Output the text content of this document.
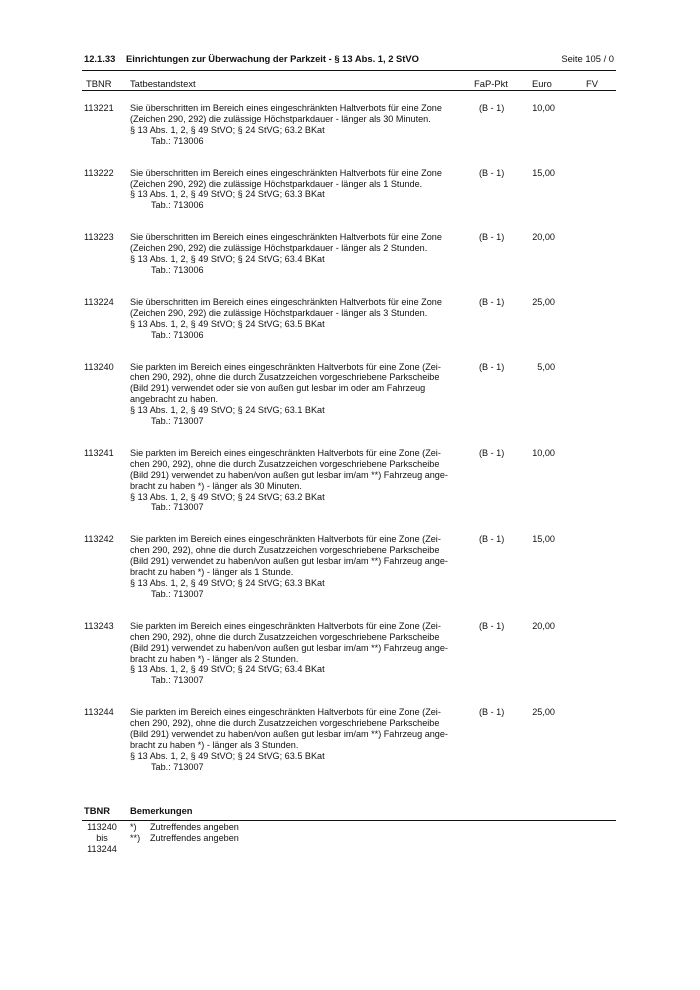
12.1.33 Einrichtungen zur Überwachung der Parkzeit - § 13 Abs. 1, 2 StVO	Seite 105 / 0
TBNR Tatbestandstext	FaP-Pkt	Euro	FV
113221 Sie überschritten im Bereich eines eingeschränkten Haltverbots für eine Zone
(Zeichen 290, 292) die zulässige Höchstparkdauer - länger als 30 Minuten.
§ 13 Abs. 1, 2, § 49 StVO; § 24 StVG; 63.2 BKat
Tab.: 713006
(B - 1)	10,00
113222 Sie überschritten im Bereich eines eingeschränkten Haltverbots für eine Zone
(Zeichen 290, 292) die zulässige Höchstparkdauer - länger als 1 Stunde.
§ 13 Abs. 1, 2, § 49 StVO; § 24 StVG; 63.3 BKat
Tab.: 713006
(B - 1)	15,00
113223 Sie überschritten im Bereich eines eingeschränkten Haltverbots für eine Zone
(Zeichen 290, 292) die zulässige Höchstparkdauer - länger als 2 Stunden.
§ 13 Abs. 1, 2, § 49 StVO; § 24 StVG; 63.4 BKat
Tab.: 713006
(B - 1)	20,00
113224 Sie überschritten im Bereich eines eingeschränkten Haltverbots für eine Zone
(Zeichen 290, 292) die zulässige Höchstparkdauer - länger als 3 Stunden.
§ 13 Abs. 1, 2, § 49 StVO; § 24 StVG; 63.5 BKat
Tab.: 713006
(B - 1)	25,00
113240 Sie parkten im Bereich eines eingeschränkten Haltverbots für eine Zone (Zei-
chen 290, 292), ohne die durch Zusatzzeichen vorgeschriebene Parkscheibe
(Bild 291) verwendet oder sie von außen gut lesbar im oder am Fahrzeug
angebracht zu haben.
§ 13 Abs. 1, 2, § 49 StVO; § 24 StVG; 63.1 BKat
Tab.: 713007
(B - 1)	5,00
113241 Sie parkten im Bereich eines eingeschränkten Haltverbots für eine Zone (Zei-
chen 290, 292), ohne die durch Zusatzzeichen vorgeschriebene Parkscheibe
(Bild 291) verwendet zu haben/von außen gut lesbar im/am **) Fahrzeug ange-
bracht zu haben *) - länger als 30 Minuten.
§ 13 Abs. 1, 2, § 49 StVO; § 24 StVG; 63.2 BKat
Tab.: 713007
(B - 1)	10,00
113242 Sie parkten im Bereich eines eingeschränkten Haltverbots für eine Zone (Zei-
chen 290, 292), ohne die durch Zusatzzeichen vorgeschriebene Parkscheibe
(Bild 291) verwendet zu haben/von außen gut lesbar im/am **) Fahrzeug ange-
bracht zu haben *) - länger als 1 Stunde.
§ 13 Abs. 1, 2, § 49 StVO; § 24 StVG; 63.3 BKat
Tab.: 713007
(B - 1)	15,00
113243 Sie parkten im Bereich eines eingeschränkten Haltverbots für eine Zone (Zei-
chen 290, 292), ohne die durch Zusatzzeichen vorgeschriebene Parkscheibe
(Bild 291) verwendet zu haben/von außen gut lesbar im/am **) Fahrzeug ange-
bracht zu haben *) - länger als 2 Stunden.
§ 13 Abs. 1, 2, § 49 StVO; § 24 StVG; 63.4 BKat
Tab.: 713007
(B - 1)	20,00
113244 Sie parkten im Bereich eines eingeschränkten Haltverbots für eine Zone (Zei-
chen 290, 292), ohne die durch Zusatzzeichen vorgeschriebene Parkscheibe
(Bild 291) verwendet zu haben/von außen gut lesbar im/am **) Fahrzeug ange-
bracht zu haben *) - länger als 3 Stunden.
§ 13 Abs. 1, 2, § 49 StVO; § 24 StVG; 63.5 BKat
Tab.: 713007
(B - 1)	25,00
TBNR Bemerkungen
113240
bis
113244
*) Zutreffendes angeben
**) Zutreffendes angeben
